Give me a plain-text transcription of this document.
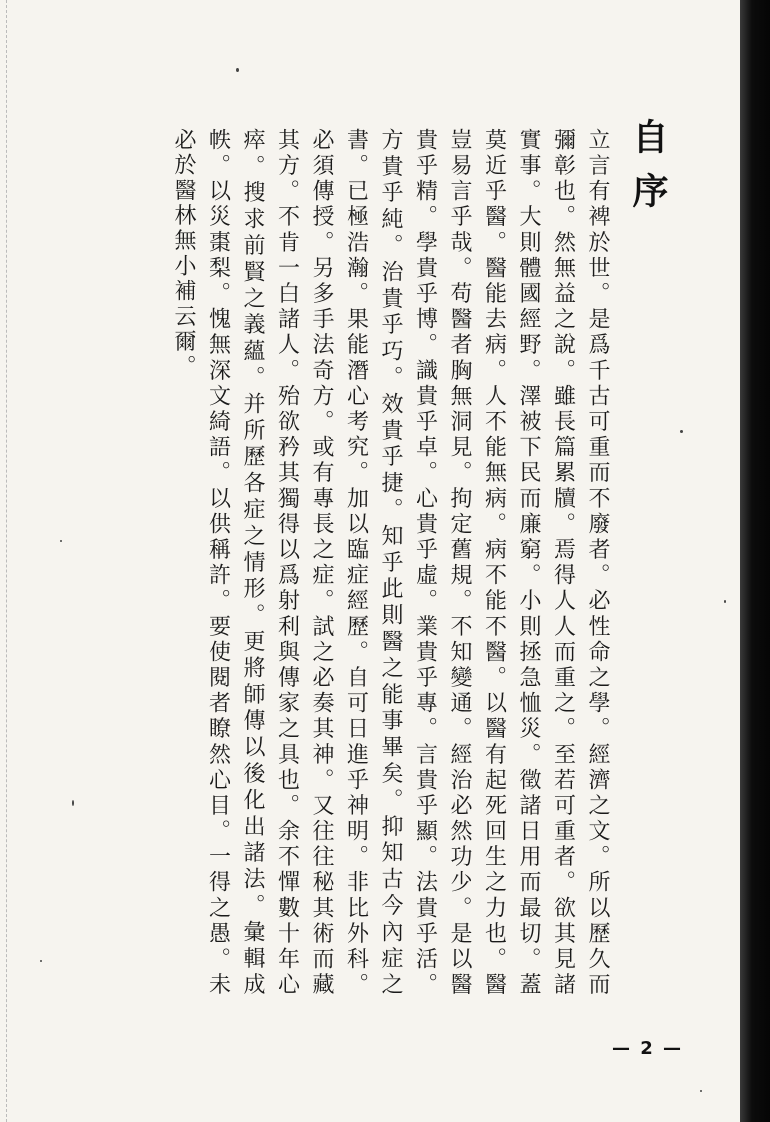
自序

立言有裨於世。是爲千古可重而不廢者。必性命之學。經濟之文。所以歷久而彌彰也。然無益之說。雖長篇累牘。焉得人人而重之。至若可重者。欲其見諸實事。大則體國經野。澤被下民而廉窮。小則拯急恤災。徵諸日用而最切。蓋莫近乎醫。醫能去病。人不能無病。病不能不醫。以醫有起死回生之力也。醫豈易言乎哉。苟醫者胸無洞見。拘定舊規。不知變通。經治必然功少。是以醫貴乎精。學貴乎博。識貴乎卓。心貴乎虛。業貴乎專。言貴乎顯。法貴乎活。方貴乎純。治貴乎巧。效貴乎捷。知乎此則醫之能事畢矣。抑知古今內症之書。已極浩瀚。果能潛心考究。加以臨症經歷。自可日進乎神明。非比外科。必須傳授。另多手法奇方。或有專長之症。試之必奏其神。又往往秘其術而藏其方。不肯一白諸人。殆欲矜其獨得以爲射利與傳家之具也。余不憚數十年心瘁。搜求前賢之義蘊。并所歷各症之情形。更將師傳以後化出諸法。彙輯成帙。以災棗梨。愧無深文綺語。以供稱許。要使閱者瞭然心目。一得之愚。未必於醫林無小補云爾。

— 2 —
